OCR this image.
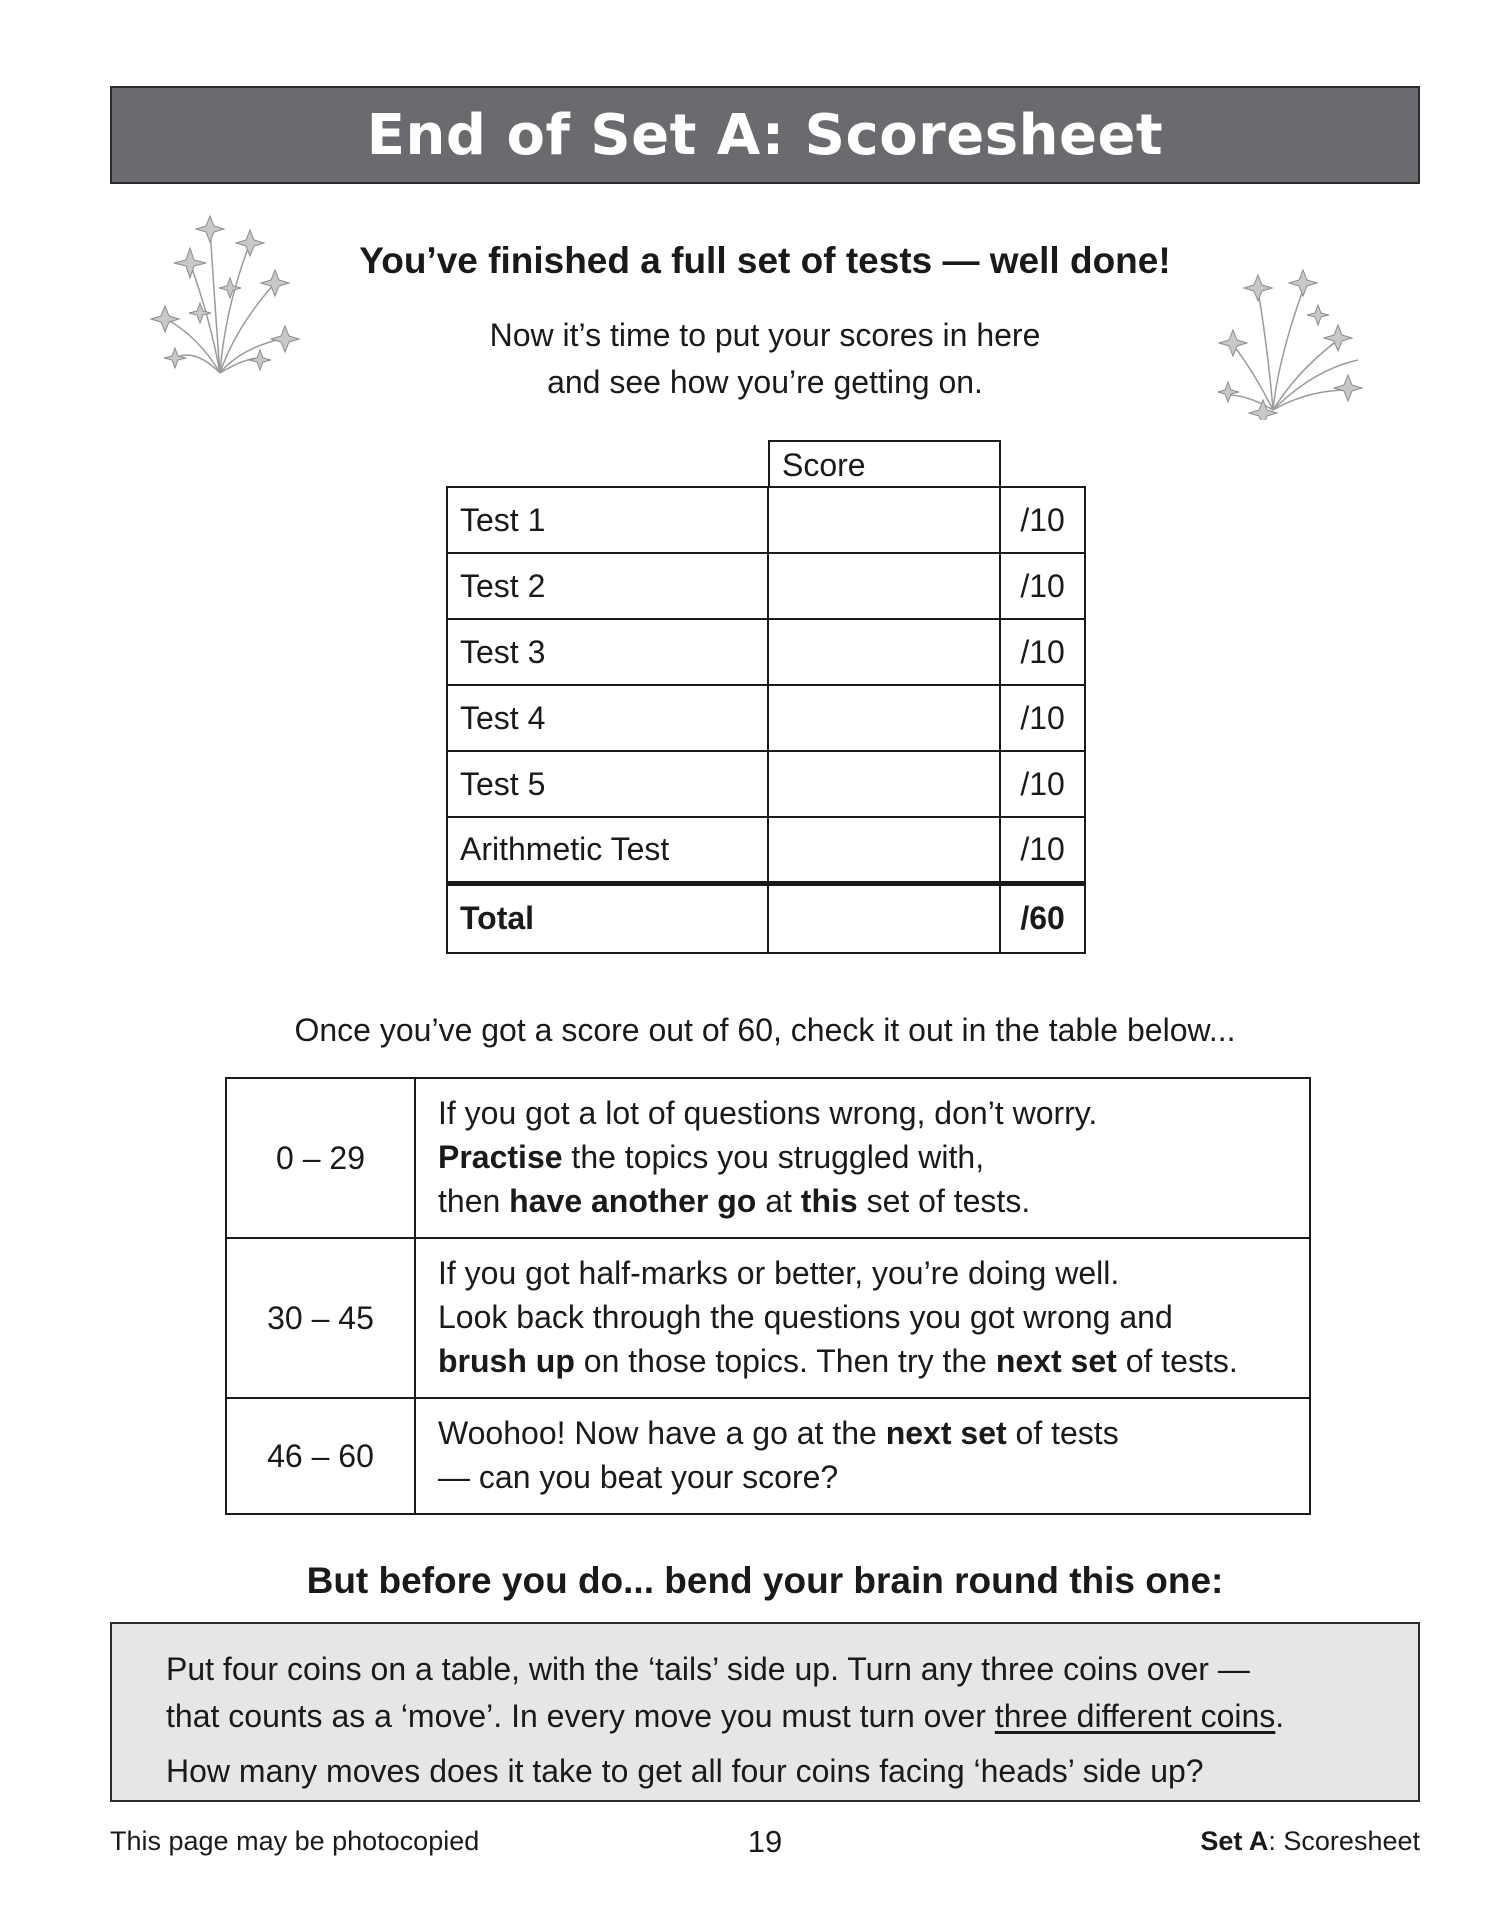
End of Set A: Scoresheet

You’ve finished a full set of tests — well done!

Now it’s time to put your scores in here
and see how you’re getting on.

Score
Test 1		/10
Test 2		/10
Test 3		/10
Test 4		/10
Test 5		/10
Arithmetic Test		/10
Total		/60

Once you’ve got a score out of 60, check it out in the table below...

0 – 29	If you got a lot of questions wrong, don’t worry.
Practise the topics you struggled with,
then have another go at this set of tests.

30 – 45	If you got half-marks or better, you’re doing well.
Look back through the questions you got wrong and
brush up on those topics. Then try the next set of tests.

46 – 60	Woohoo! Now have a go at the next set of tests
— can you beat your score?

But before you do... bend your brain round this one:

Put four coins on a table, with the ‘tails’ side up. Turn any three coins over —
that counts as a ‘move’. In every move you must turn over three different coins.
How many moves does it take to get all four coins facing ‘heads’ side up?
This page may be photocopied	19	Set A: Scoresheet
